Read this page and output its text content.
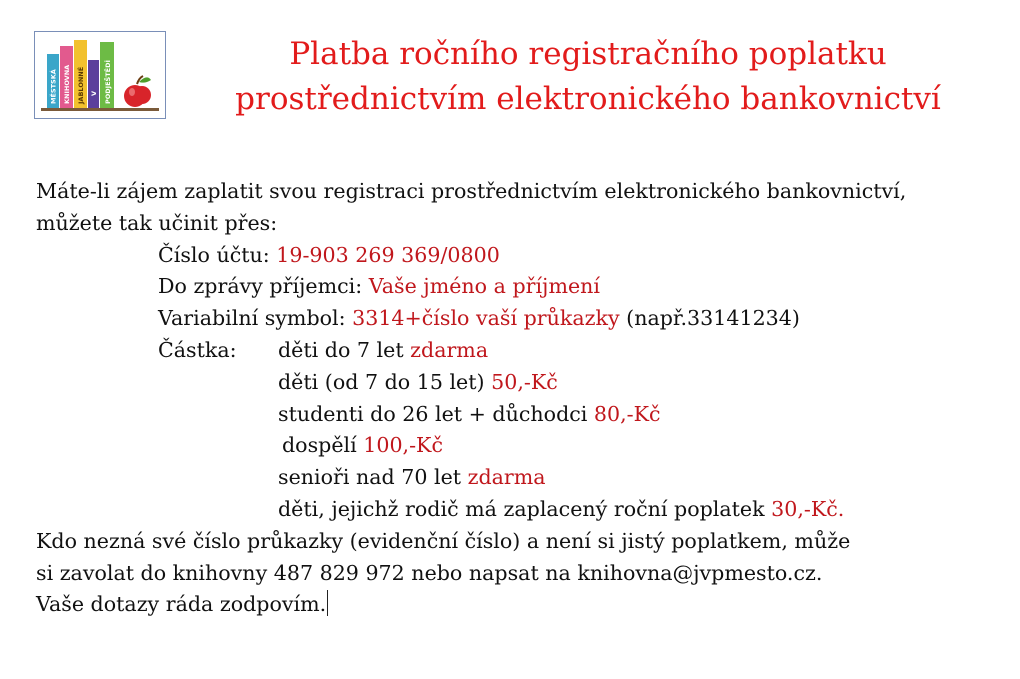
MĚSTSKÁ KNIHOVNA JABLONNÉ V PODJEŠTĚDÍ
Platba ročního registračního poplatku
prostřednictvím elektronického bankovnictví
Máte-li zájem zaplatit svou registraci prostřednictvím elektronického bankovnictví,
můžete tak učinit přes:
Číslo účtu: 19-903 269 369/0800
Do zprávy příjemci: Vaše jméno a příjmení
Variabilní symbol: 3314+číslo vaší průkazky (např.33141234)
Částka: děti do 7 let zdarma
děti (od 7 do 15 let) 50,-Kč
studenti do 26 let + důchodci 80,-Kč
dospělí 100,-Kč
senioři nad 70 let zdarma
děti, jejichž rodič má zaplacený roční poplatek 30,-Kč.
Kdo nezná své číslo průkazky (evidenční číslo) a není si jistý poplatkem, může
si zavolat do knihovny 487 829 972 nebo napsat na knihovna@jvpmesto.cz.
Vaše dotazy ráda zodpovím.
